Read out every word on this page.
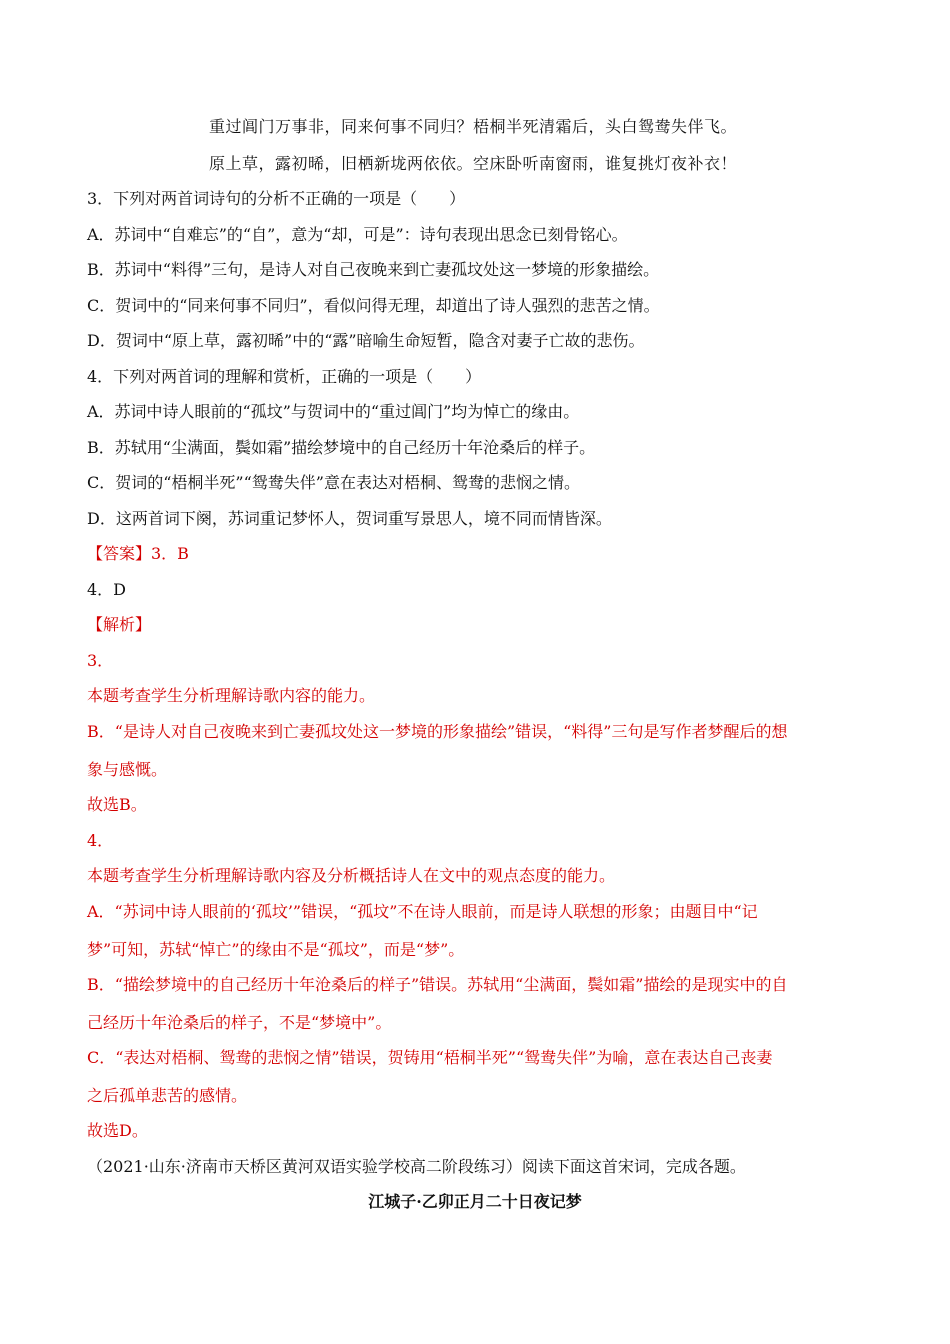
重过阊门万事非，同来何事不同归？梧桐半死清霜后，头白鸳鸯失伴飞。
原上草，露初晞，旧栖新垅两依依。空床卧听南窗雨，谁复挑灯夜补衣！
3．下列对两首词诗句的分析不正确的一项是（　　）
A．苏词中“自难忘”的“自”，意为“却，可是”：诗句表现出思念已刻骨铭心。
B．苏词中“料得”三句，是诗人对自己夜晚来到亡妻孤坟处这一梦境的形象描绘。
C．贺词中的“同来何事不同归”，看似问得无理，却道出了诗人强烈的悲苦之情。
D．贺词中“原上草，露初晞”中的“露”暗喻生命短暂，隐含对妻子亡故的悲伤。
4．下列对两首词的理解和赏析，正确的一项是（　　）
A．苏词中诗人眼前的“孤坟”与贺词中的“重过阊门”均为悼亡的缘由。
B．苏轼用“尘满面，鬓如霜”描绘梦境中的自己经历十年沧桑后的样子。
C．贺词的“梧桐半死”“鸳鸯失伴”意在表达对梧桐、鸳鸯的悲悯之情。
D．这两首词下阕，苏词重记梦怀人，贺词重写景思人，境不同而情皆深。
【答案】3．B
4．D
【解析】
3．
本题考查学生分析理解诗歌内容的能力。
B．“是诗人对自己夜晚来到亡妻孤坟处这一梦境的形象描绘”错误，“料得”三句是写作者梦醒后的想
象与感慨。
故选B。
4．
本题考查学生分析理解诗歌内容及分析概括诗人在文中的观点态度的能力。
A．“苏词中诗人眼前的‘孤坟’”错误，“孤坟”不在诗人眼前，而是诗人联想的形象；由题目中“记
梦”可知，苏轼“悼亡”的缘由不是“孤坟”，而是“梦”。
B．“描绘梦境中的自己经历十年沧桑后的样子”错误。苏轼用“尘满面，鬓如霜”描绘的是现实中的自
己经历十年沧桑后的样子，不是“梦境中”。
C．“表达对梧桐、鸳鸯的悲悯之情”错误，贺铸用“梧桐半死”“鸳鸯失伴”为喻，意在表达自己丧妻
之后孤单悲苦的感情。
故选D。
（2021·山东·济南市天桥区黄河双语实验学校高二阶段练习）阅读下面这首宋词，完成各题。
江城子·乙卯正月二十日夜记梦
